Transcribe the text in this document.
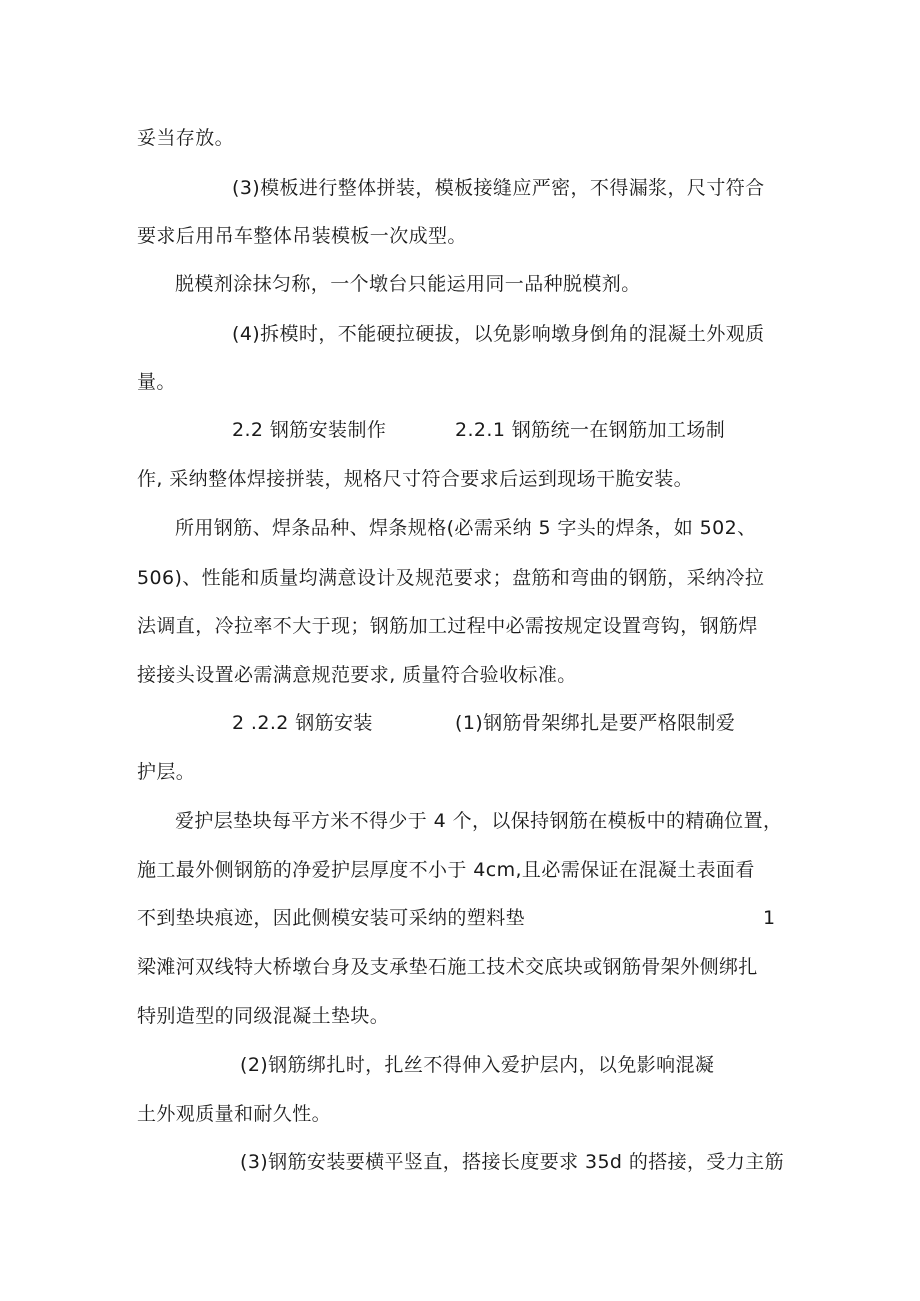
妥当存放。
(3)模板进行整体拼装，模板接缝应严密，不得漏浆，尺寸符合
要求后用吊车整体吊装模板一次成型。
脱模剂涂抹匀称，一个墩台只能运用同一品种脱模剂。
(4)拆模时，不能硬拉硬拔，以免影响墩身倒角的混凝土外观质
量。
2.2 钢筋安装制作	2.2.1 钢筋统一在钢筋加工场制
作, 采纳整体焊接拼装，规格尺寸符合要求后运到现场干脆安装。
所用钢筋、焊条品种、焊条规格(必需采纳 5 字头的焊条，如 502、
506)、性能和质量均满意设计及规范要求；盘筋和弯曲的钢筋，采纳冷拉
法调直，冷拉率不大于现；钢筋加工过程中必需按规定设置弯钩，钢筋焊
接接头设置必需满意规范要求, 质量符合验收标准。
2 .2.2 钢筋安装	(1)钢筋骨架绑扎是要严格限制爱
护层。
爱护层垫块每平方米不得少于 4 个，以保持钢筋在模板中的精确位置，
施工最外侧钢筋的净爱护层厚度不小于 4cm,且必需保证在混凝土表面看
不到垫块痕迹，因此侧模安装可采纳的塑料垫	1
梁滩河双线特大桥墩台身及支承垫石施工技术交底块或钢筋骨架外侧绑扎
特别造型的同级混凝土垫块。
(2)钢筋绑扎时，扎丝不得伸入爱护层内，以免影响混凝
土外观质量和耐久性。
(3)钢筋安装要横平竖直，搭接长度要求 35d 的搭接，受力主筋
